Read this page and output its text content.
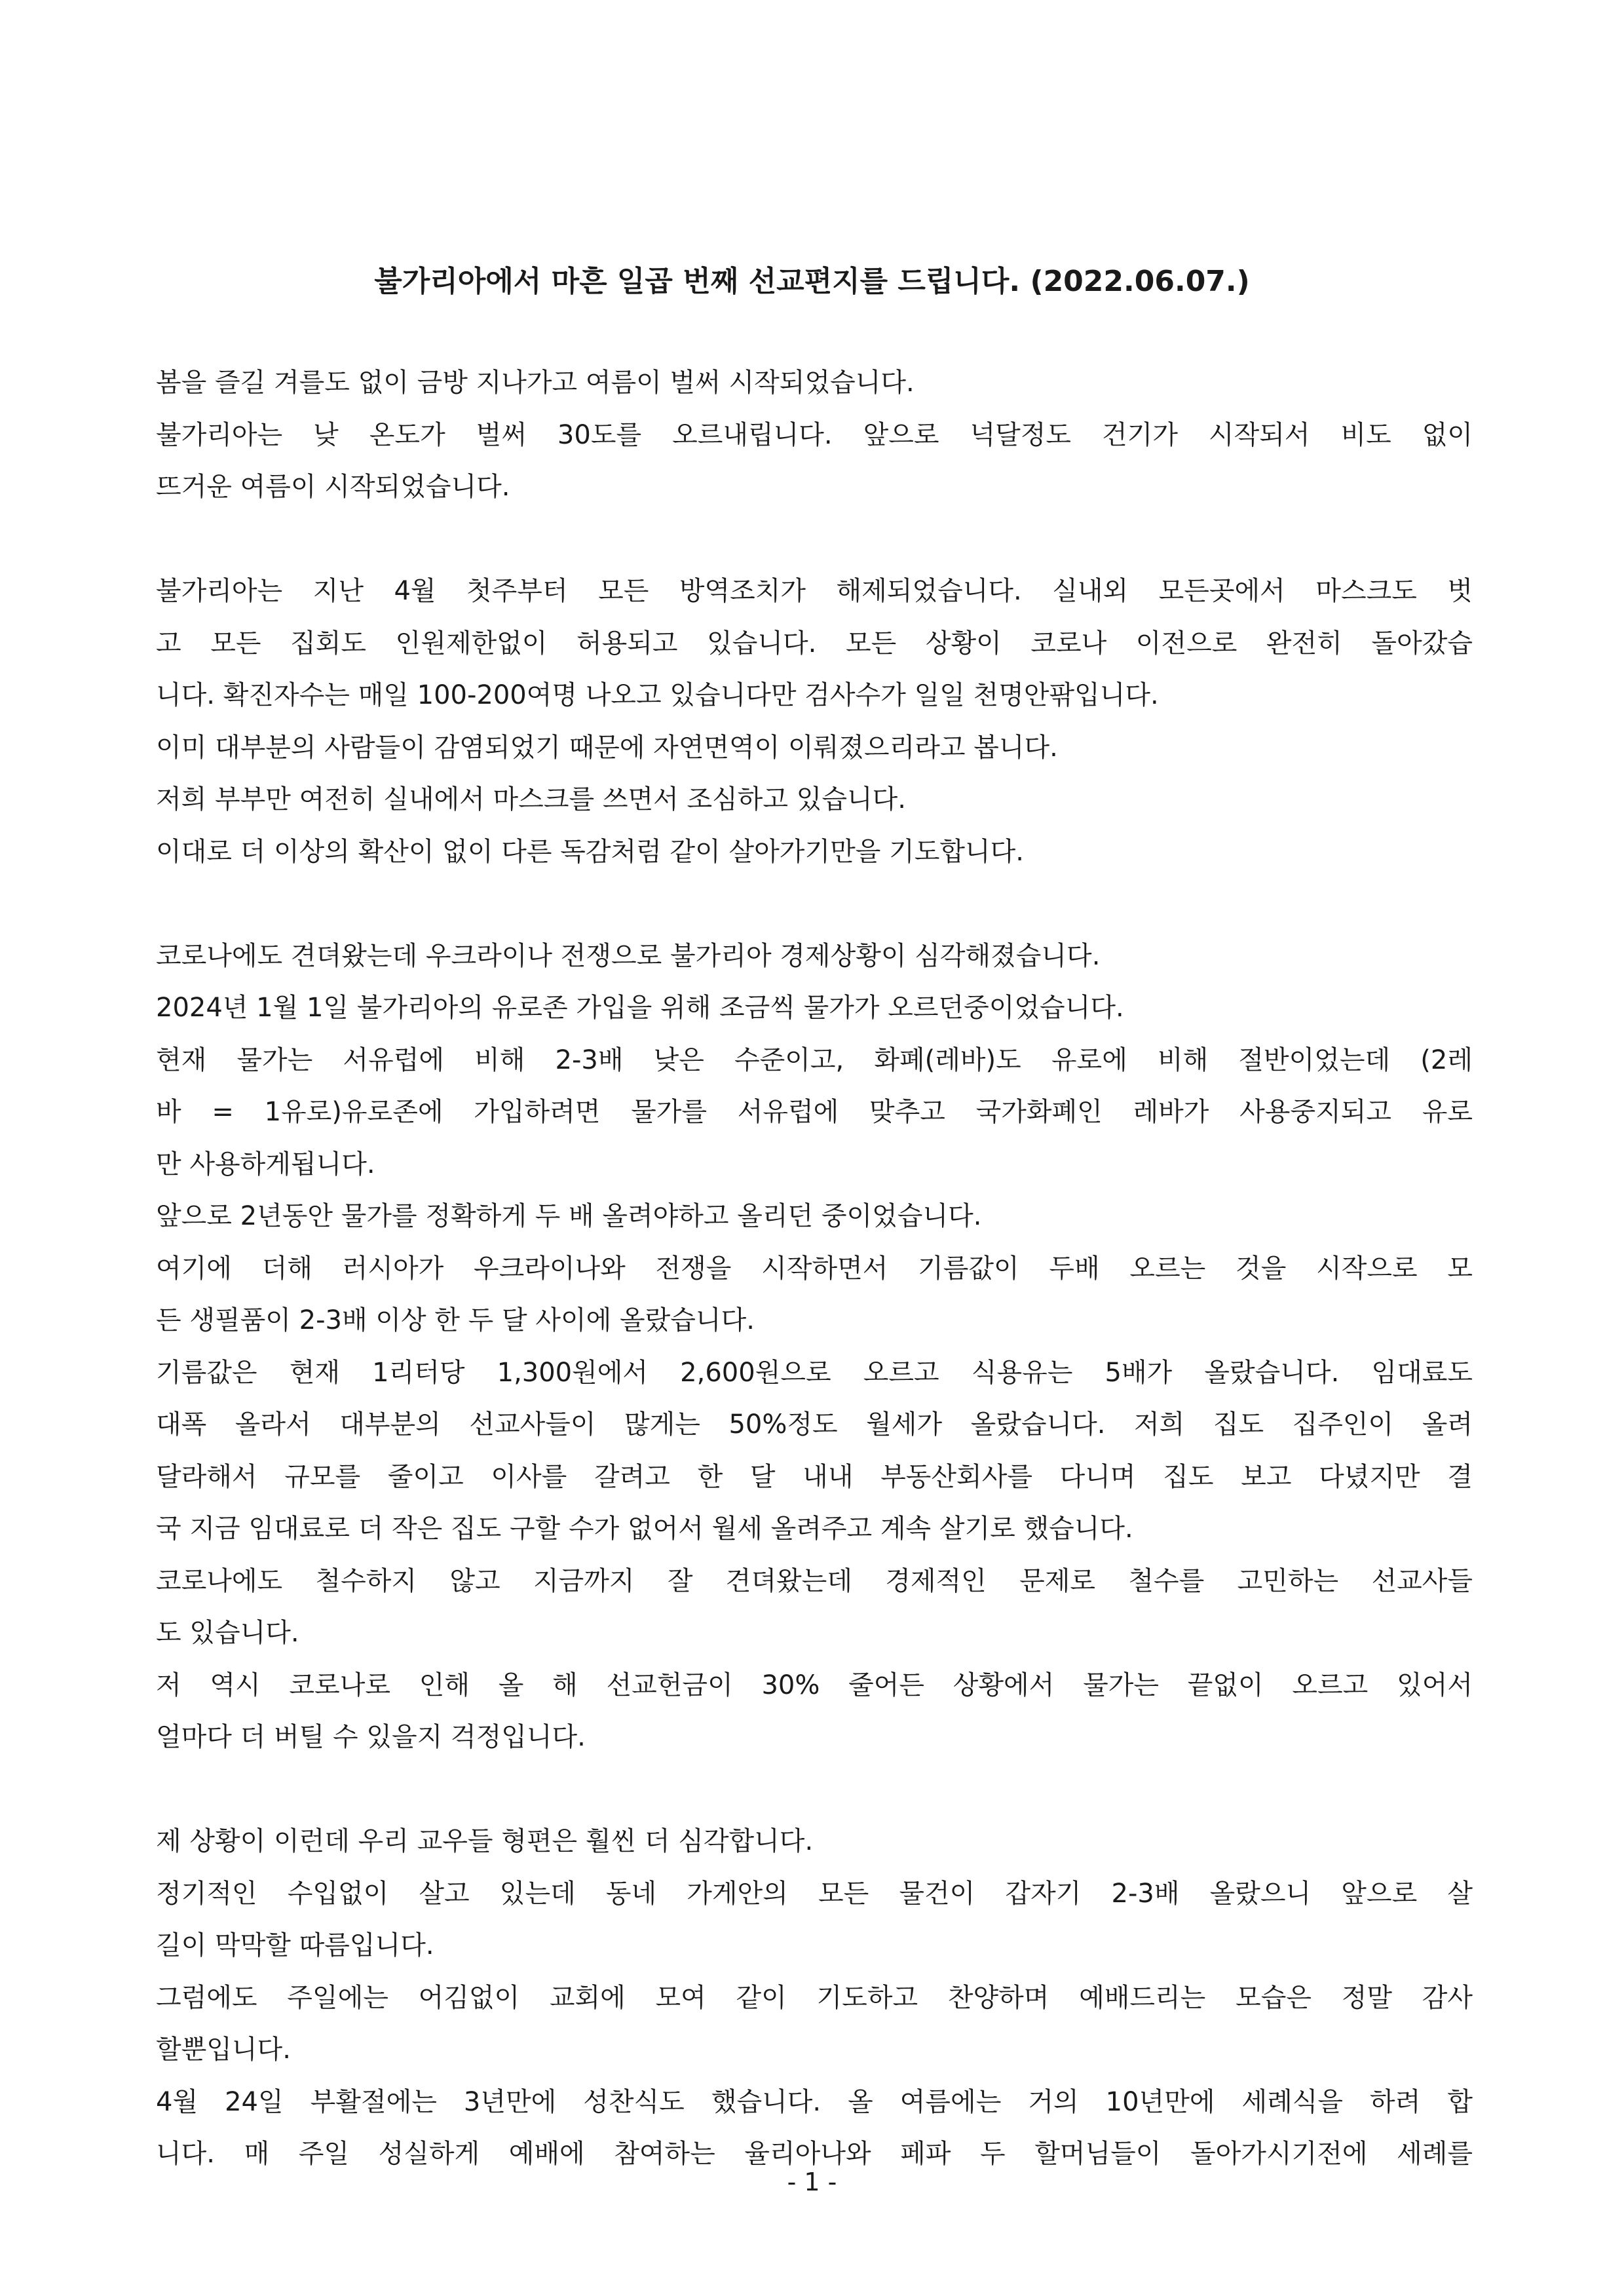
불가리아에서 마흔 일곱 번째 선교편지를 드립니다. (2022.06.07.)
봄을 즐길 겨를도 없이 금방 지나가고 여름이 벌써 시작되었습니다.
불가리아는 낮 온도가 벌써 30도를 오르내립니다. 앞으로 넉달정도 건기가 시작되서 비도 없이
뜨거운 여름이 시작되었습니다.
불가리아는 지난 4월 첫주부터 모든 방역조치가 해제되었습니다. 실내외 모든곳에서 마스크도 벗
고 모든 집회도 인원제한없이 허용되고 있습니다. 모든 상황이 코로나 이전으로 완전히 돌아갔습
니다. 확진자수는 매일 100-200여명 나오고 있습니다만 검사수가 일일 천명안팎입니다.
이미 대부분의 사람들이 감염되었기 때문에 자연면역이 이뤄졌으리라고 봅니다.
저희 부부만 여전히 실내에서 마스크를 쓰면서 조심하고 있습니다.
이대로 더 이상의 확산이 없이 다른 독감처럼 같이 살아가기만을 기도합니다.
코로나에도 견뎌왔는데 우크라이나 전쟁으로 불가리아 경제상황이 심각해졌습니다.
2024년 1월 1일 불가리아의 유로존 가입을 위해 조금씩 물가가 오르던중이었습니다.
현재 물가는 서유럽에 비해 2-3배 낮은 수준이고, 화폐(레바)도 유로에 비해 절반이었는데 (2레
바 = 1유로)유로존에 가입하려면 물가를 서유럽에 맞추고 국가화폐인 레바가 사용중지되고 유로
만 사용하게됩니다.
앞으로 2년동안 물가를 정확하게 두 배 올려야하고 올리던 중이었습니다.
여기에 더해 러시아가 우크라이나와 전쟁을 시작하면서 기름값이 두배 오르는 것을 시작으로 모
든 생필품이 2-3배 이상 한 두 달 사이에 올랐습니다.
기름값은 현재 1리터당 1,300원에서 2,600원으로 오르고 식용유는 5배가 올랐습니다. 임대료도
대폭 올라서 대부분의 선교사들이 많게는 50%정도 월세가 올랐습니다. 저희 집도 집주인이 올려
달라해서 규모를 줄이고 이사를 갈려고 한 달 내내 부동산회사를 다니며 집도 보고 다녔지만 결
국 지금 임대료로 더 작은 집도 구할 수가 없어서 월세 올려주고 계속 살기로 했습니다.
코로나에도 철수하지 않고 지금까지 잘 견뎌왔는데 경제적인 문제로 철수를 고민하는 선교사들
도 있습니다.
저 역시 코로나로 인해 올 해 선교헌금이 30% 줄어든 상황에서 물가는 끝없이 오르고 있어서
얼마다 더 버틸 수 있을지 걱정입니다.
제 상황이 이런데 우리 교우들 형편은 훨씬 더 심각합니다.
정기적인 수입없이 살고 있는데 동네 가게안의 모든 물건이 갑자기 2-3배 올랐으니 앞으로 살
길이 막막할 따름입니다.
그럼에도 주일에는 어김없이 교회에 모여 같이 기도하고 찬양하며 예배드리는 모습은 정말 감사
할뿐입니다.
4월 24일 부활절에는 3년만에 성찬식도 했습니다. 올 여름에는 거의 10년만에 세례식을 하려 합
니다. 매 주일 성실하게 예배에 참여하는 율리아나와 페파 두 할머님들이 돌아가시기전에 세례를
- 1 -
